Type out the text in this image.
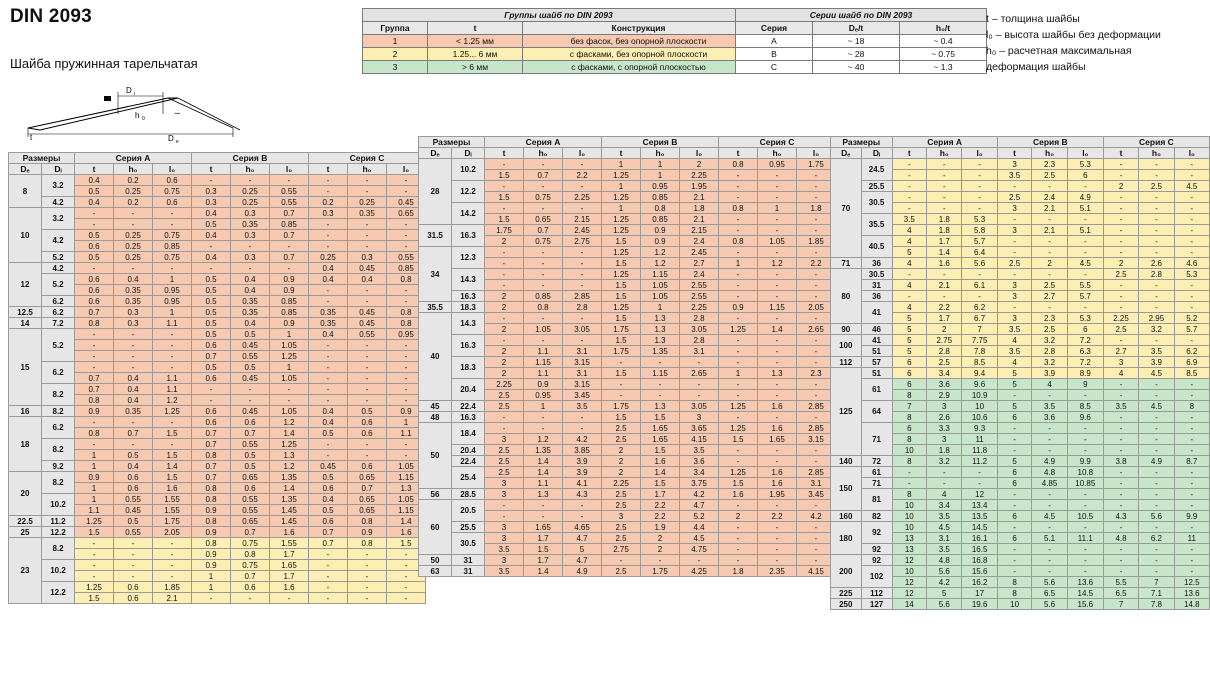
DIN 2093
Шайба пружинная тарельчатая
D i
h 0
t	D e
l
Группы шайб по DIN 2093		
Группа	t	Конструкция
1	< 1.25 мм	без фасок, без опорной плоскости
2	1.25... 6 мм	с фасками, без опорной плоскости
3	> 6 мм	с фасками, с опорной плоскостью
Серии шайб по DIN 2093		
Серия	Dₑ/t	h₀/t
A	~ 18	~ 0.4
B	~ 28	~ 0.75
C	~ 40	~ 1.3
t – толщина шайбы
l₀ – высота шайбы без деформации
h₀ – расчетная максимальная
деформация шайбы
Размеры		Серия А			Серия B			Серия C		
Dₑ	Dᵢ	t	h₀	l₀	t	h₀	l₀	t	h₀	l₀
8	3.2	0.4	0.2	0.6	-	-	-	-	-	-
		0.5	0.25	0.75	0.3	0.25	0.55	-	-	-
	4.2	0.4	0.2	0.6	0.3	0.25	0.55	0.2	0.25	0.45
10	3.2	-	-	-	0.4	0.3	0.7	0.3	0.35	0.65
		-	-	-	0.5	0.35	0.85	-	-	-
	4.2	0.5	0.25	0.75	0.4	0.3	0.7	-	-	-
		0.6	0.25	0.85	-	-	-	-	-	-
	5.2	0.5	0.25	0.75	0.4	0.3	0.7	0.25	0.3	0.55
12	4.2	-	-	-	-	-	-	0.4	0.45	0.85
	5.2	0.6	0.4	1	0.5	0.4	0.9	0.4	0.4	0.8
		0.6	0.35	0.95	0.5	0.4	0.9	-	-	-
	6.2	0.6	0.35	0.95	0.5	0.35	0.85	-	-	-
12.5	6.2	0.7	0.3	1	0.5	0.35	0.85	0.35	0.45	0.8
14	7.2	0.8	0.3	1.1	0.5	0.4	0.9	0.35	0.45	0.8
15	5.2	-	-	-	0.5	0.5	1	0.4	0.55	0.95
		-	-	-	0.6	0.45	1.05	-	-	-
		-	-	-	0.7	0.55	1.25	-	-	-
	6.2	-	-	-	0.5	0.5	1	-	-	-
		0.7	0.4	1.1	0.6	0.45	1.05	-	-	-
	8.2	0.7	0.4	1.1	-	-	-	-	-	-
		0.8	0.4	1.2	-	-	-	-	-	-
16	8.2	0.9	0.35	1.25	0.6	0.45	1.05	0.4	0.5	0.9
18	6.2	-	-	-	0.6	0.6	1.2	0.4	0.6	1
		0.8	0.7	1.5	0.7	0.7	1.4	0.5	0.6	1.1
	8.2	-	-	-	0.7	0.55	1.25	-	-	-
		1	0.5	1.5	0.8	0.5	1.3	-	-	-
	9.2	1	0.4	1.4	0.7	0.5	1.2	0.45	0.6	1.05
20	8.2	0.9	0.6	1.5	0.7	0.65	1.35	0.5	0.65	1.15
		1	0.6	1.6	0.8	0.6	1.4	0.6	0.7	1.3
	10.2	1	0.55	1.55	0.8	0.55	1.35	0.4	0.65	1.05
		1.1	0.45	1.55	0.9	0.55	1.45	0.5	0.65	1.15
22.5	11.2	1.25	0.5	1.75	0.8	0.65	1.45	0.6	0.8	1.4
25	12.2	1.5	0.55	2.05	0.9	0.7	1.6	0.7	0.9	1.6
23	8.2	-	-	-	0.8	0.75	1.55	0.7	0.8	1.5
		-	-	-	0.9	0.8	1.7	-	-	-
	10.2	-	-	-	0.9	0.75	1.65	-	-	-
		-	-	-	1	0.7	1.7	-	-	-
	12.2	1.25	0.6	1.85	1	0.6	1.6	-	-	-
		1.5	0.6	2.1	-	-	-	-	-	-
Размеры		Серия А			Серия B			Серия C		
Dₑ	Dᵢ	t	h₀	l₀	t	h₀	l₀	t	h₀	l₀
28	10.2	-	-	-	1	1	2	0.8	0.95	1.75
		1.5	0.7	2.2	1.25	1	2.25	-	-	-
	12.2	-	-	-	1	0.95	1.95	-	-	-
		1.5	0.75	2.25	1.25	0.85	2.1	-	-	-
	14.2	-	-	-	1	0.8	1.8	0.8	1	1.8
		1.5	0.65	2.15	1.25	0.85	2.1	-	-	-
31.5	16.3	1.75	0.7	2.45	1.25	0.9	2.15	-	-	-
		2	0.75	2.75	1.5	0.9	2.4	0.8	1.05	1.85
34	12.3	-	-	-	1.25	1.2	2.45	-	-	-
		-	-	-	1.5	1.2	2.7	1	1.2	2.2
	14.3	-	-	-	1.25	1.15	2.4	-	-	-
		-	-	-	1.5	1.05	2.55	-	-	-
	16.3	2	0.85	2.85	1.5	1.05	2.55	-	-	-
35.5	18.3	2	0.8	2.8	1.25	1	2.25	0.9	1.15	2.05
40	14.3	-	-	-	1.5	1.3	2.8	-	-	-
		2	1.05	3.05	1.75	1.3	3.05	1.25	1.4	2.65
	16.3	-	-	-	1.5	1.3	2.8	-	-	-
		2	1.1	3.1	1.75	1.35	3.1	-	-	-
	18.3	2	1.15	3.15	-	-	-	-	-	-
		2	1.1	3.1	1.5	1.15	2.65	1	1.3	2.3
	20.4	2.25	0.9	3.15	-	-	-	-	-	-
		2.5	0.95	3.45	-	-	-	-	-	-
45	22.4	2.5	1	3.5	1.75	1.3	3.05	1.25	1.6	2.85
48	16.3	-	-	-	1.5	1.5	3	-	-	-
50	18.4	-	-	-	2.5	1.65	3.65	1.25	1.6	2.85
		3	1.2	4.2	2.5	1.65	4.15	1.5	1.65	3.15
	20.4	2.5	1.35	3.85	2	1.5	3.5	-	-	-
	22.4	2.5	1.4	3.9	2	1.6	3.6	-	-	-
	25.4	2.5	1.4	3.9	2	1.4	3.4	1.25	1.6	2.85
		3	1.1	4.1	2.25	1.5	3.75	1.5	1.6	3.1
56	28.5	3	1.3	4.3	2.5	1.7	4.2	1.6	1.95	3.45
60	20.5	-	-	-	2.5	2.2	4.7	-	-	-
		-	-	-	3	2.2	5.2	2	2.2	4.2
	25.5	3	1.65	4.65	2.5	1.9	4.4	-	-	-
	30.5	3	1.7	4.7	2.5	2	4.5	-	-	-
		3.5	1.5	5	2.75	2	4.75	-	-	-
50	31	3	1.7	4.7	-	-	-	-	-	-
63	31	3.5	1.4	4.9	2.5	1.75	4.25	1.8	2.35	4.15
Размеры		Серия А			Серия B			Серия C		
Dₑ	Dᵢ	t	h₀	l₀	t	h₀	l₀	t	h₀	l₀
70	24.5	-	-	-	3	2.3	5.3	-	-	-
		-	-	-	3.5	2.5	6	-	-	-
	25.5	-	-	-	-	-	-	2	2.5	4.5
	30.5	-	-	-	2.5	2.4	4.9	-	-	-
		-	-	-	3	2.1	5.1	-	-	-
	35.5	3.5	1.8	5.3	-	-	-	-	-	-
		4	1.8	5.8	3	2.1	5.1	-	-	-
	40.5	4	1.7	5.7	-	-	-	-	-	-
		5	1.4	6.4	-	-	-	-	-	-
71	36	4	1.6	5.6	2.5	2	4.5	2	2.6	4.6
80	30.5	-	-	-	-	-	-	2.5	2.8	5.3
	31	4	2.1	6.1	3	2.5	5.5	-	-	-
	36	-	-	-	3	2.7	5.7	-	-	-
	41	4	2.2	6.2	-	-	-	-	-	-
		5	1.7	6.7	3	2.3	5.3	2.25	2.95	5.2
90	46	5	2	7	3.5	2.5	6	2.5	3.2	5.7
100	41	5	2.75	7.75	4	3.2	7.2	-	-	-
	51	5	2.8	7.8	3.5	2.8	6.3	2.7	3.5	6.2
112	57	6	2.5	8.5	4	3.2	7.2	3	3.9	6.9
125	51	6	3.4	9.4	5	3.9	8.9	4	4.5	8.5
	61	6	3.6	9.6	5	4	9	-	-	-
		8	2.9	10.9	-	-	-	-	-	-
	64	7	3	10	5	3.5	8.5	3.5	4.5	8
		8	2.6	10.6	6	3.6	9.6	-	-	-
	71	6	3.3	9.3	-	-	-	-	-	-
		8	3	11	-	-	-	-	-	-
		10	1.8	11.8	-	-	-	-	-	-
140	72	8	3.2	11.2	5	4.9	9.9	3.8	4.9	8.7
150	61	-	-	-	6	4.8	10.8	-	-	-
	71	-	-	-	6	4.85	10.85	-	-	-
	81	8	4	12	-	-	-	-	-	-
		10	3.4	13.4	-	-	-	-	-	-
160	82	10	3.5	13.5	6	4.5	10.5	4.3	5.6	9.9
180	92	10	4.5	14.5	-	-	-	-	-	-
		13	3.1	16.1	6	5.1	11.1	4.8	6.2	11
	92	13	3.5	16.5	-	-	-	-	-	-
200	92	12	4.8	16.8	-	-	-	-	-	-
	102	10	5.6	15.6	-	-	-	-	-	-
		12	4.2	16.2	8	5.6	13.6	5.5	7	12.5
225	112	12	5	17	8	6.5	14.5	6.5	7.1	13.6
250	127	14	5.6	19.6	10	5.6	15.6	7	7.8	14.8
